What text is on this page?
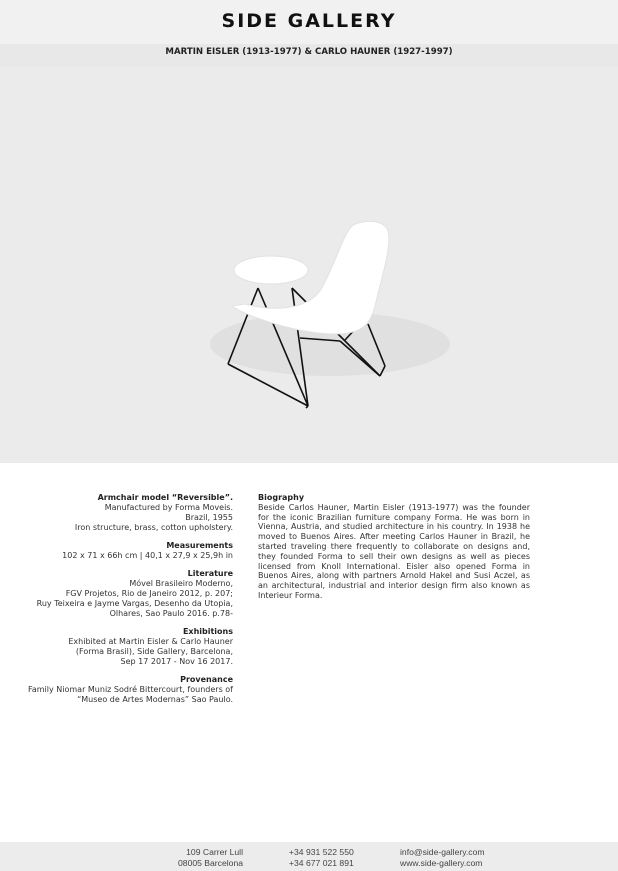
SIDE GALLERY
MARTIN EISLER (1913-1977) & CARLO HAUNER (1927-1997)
Armchair model “Reversible”.
Manufactured by Forma Moveis.
Brazil, 1955
Iron structure, brass, cotton upholstery.
Measurements
102 x 71 x 66h cm | 40,1 x 27,9 x 25,9h in
Literature
Móvel Brasileiro Moderno,
FGV Projetos, Rio de Janeiro 2012, p. 207;
Ruy Teixeira e Jayme Vargas, Desenho da Utopia,
Olhares, Sao Paulo 2016. p.78-
Exhibitions
Exhibited at Martin Eisler & Carlo Hauner
(Forma Brasil), Side Gallery, Barcelona,
Sep 17 2017 - Nov 16 2017.
Provenance
Family Niomar Muniz Sodré Bittercourt, founders of
“Museo de Artes Modernas” Sao Paulo.
Biography
Beside Carlos Hauner, Martin Eisler (1913-1977) was the founder for the iconic Brazilian furniture company Forma. He was born in Vienna, Austria, and studied architecture in his country. In 1938 he moved to Buenos Aires. After meeting Carlos Hauner in Brazil, he started traveling there frequently to collaborate on designs and, they founded Forma to sell their own designs as well as pieces licensed from Knoll International. Eisler also opened Forma in Buenos Aires, along with partners Arnold Hakel and Susi Aczel, as an architectural, industrial and interior design firm also known as Interieur Forma.
109 Carrer Lull
08005 Barcelona
+34 931 522 550
+34 677 021 891
info@side-gallery.com
www.side-gallery.com
